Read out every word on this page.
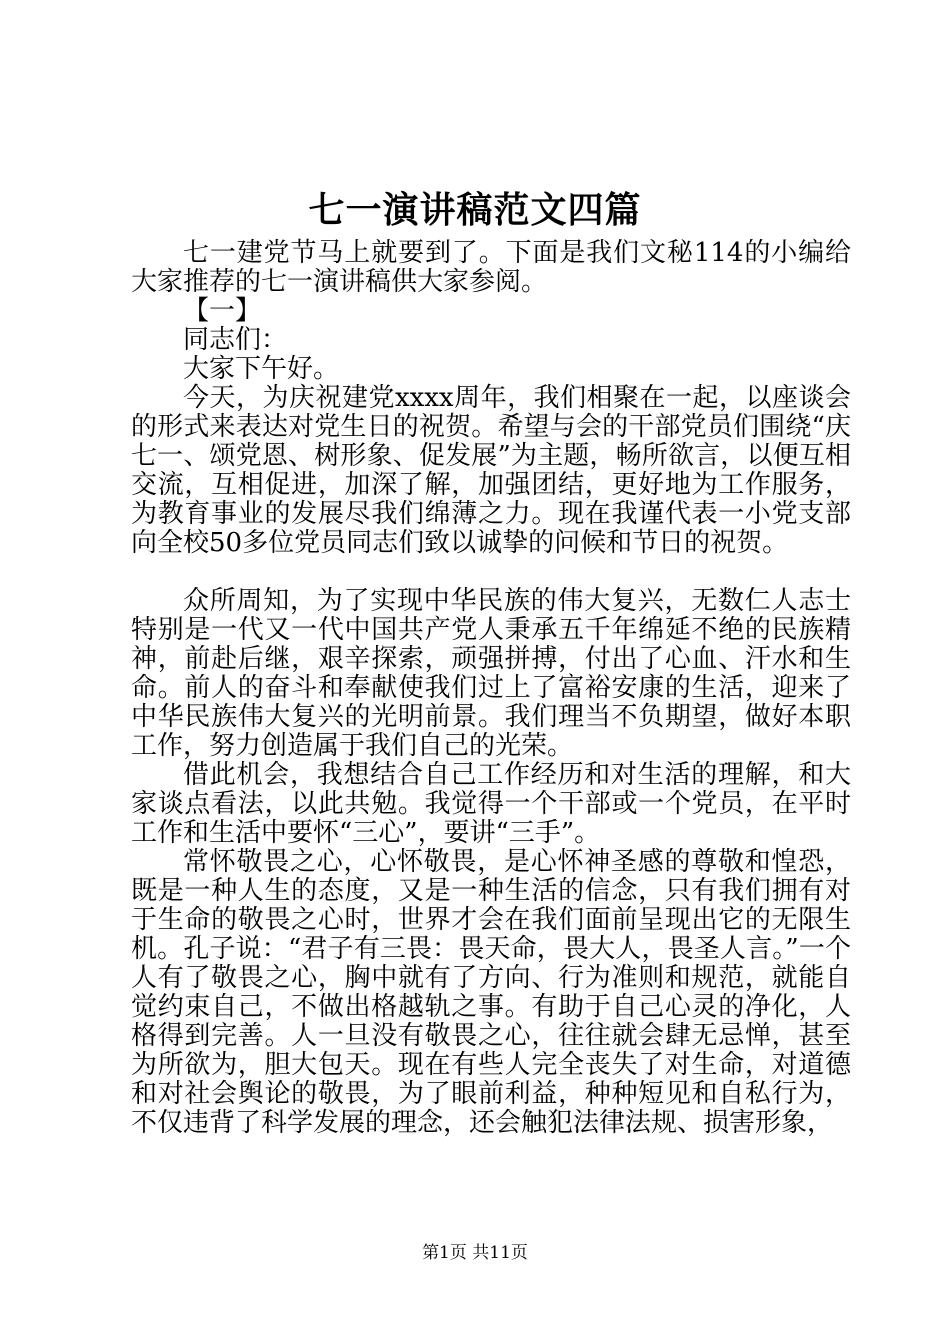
七一演讲稿范文四篇

七一建党节马上就要到了。下面是我们文秘114的小编给大家推荐的七一演讲稿供大家参阅。

【一】

同志们：

大家下午好。

今天，为庆祝建党xxxx周年，我们相聚在一起，以座谈会的形式来表达对党生日的祝贺。希望与会的干部党员们围绕“庆七一、颂党恩、树形象、促发展”为主题，畅所欲言，以便互相交流，互相促进，加深了解，加强团结，更好地为工作服务，为教育事业的发展尽我们绵薄之力。现在我谨代表一小党支部向全校50多位党员同志们致以诚挚的问候和节日的祝贺。

众所周知，为了实现中华民族的伟大复兴，无数仁人志士特别是一代又一代中国共产党人秉承五千年绵延不绝的民族精神，前赴后继，艰辛探索，顽强拼搏，付出了心血、汗水和生命。前人的奋斗和奉献使我们过上了富裕安康的生活，迎来了中华民族伟大复兴的光明前景。我们理当不负期望，做好本职工作，努力创造属于我们自己的光荣。

借此机会，我想结合自己工作经历和对生活的理解，和大家谈点看法，以此共勉。我觉得一个干部或一个党员，在平时工作和生活中要怀“三心”，要讲“三手”。

常怀敬畏之心，心怀敬畏，是心怀神圣感的尊敬和惶恐，既是一种人生的态度，又是一种生活的信念，只有我们拥有对于生命的敬畏之心时，世界才会在我们面前呈现出它的无限生机。孔子说：“君子有三畏：畏天命，畏大人，畏圣人言。”一个人有了敬畏之心，胸中就有了方向、行为准则和规范，就能自觉约束自己，不做出格越轨之事。有助于自己心灵的净化，人格得到完善。人一旦没有敬畏之心，往往就会肆无忌惮，甚至为所欲为，胆大包天。现在有些人完全丧失了对生命，对道德和对社会舆论的敬畏，为了眼前利益，种种短见和自私行为，不仅违背了科学发展的理念，还会触犯法律法规、损害形象，

第1页 共11页
